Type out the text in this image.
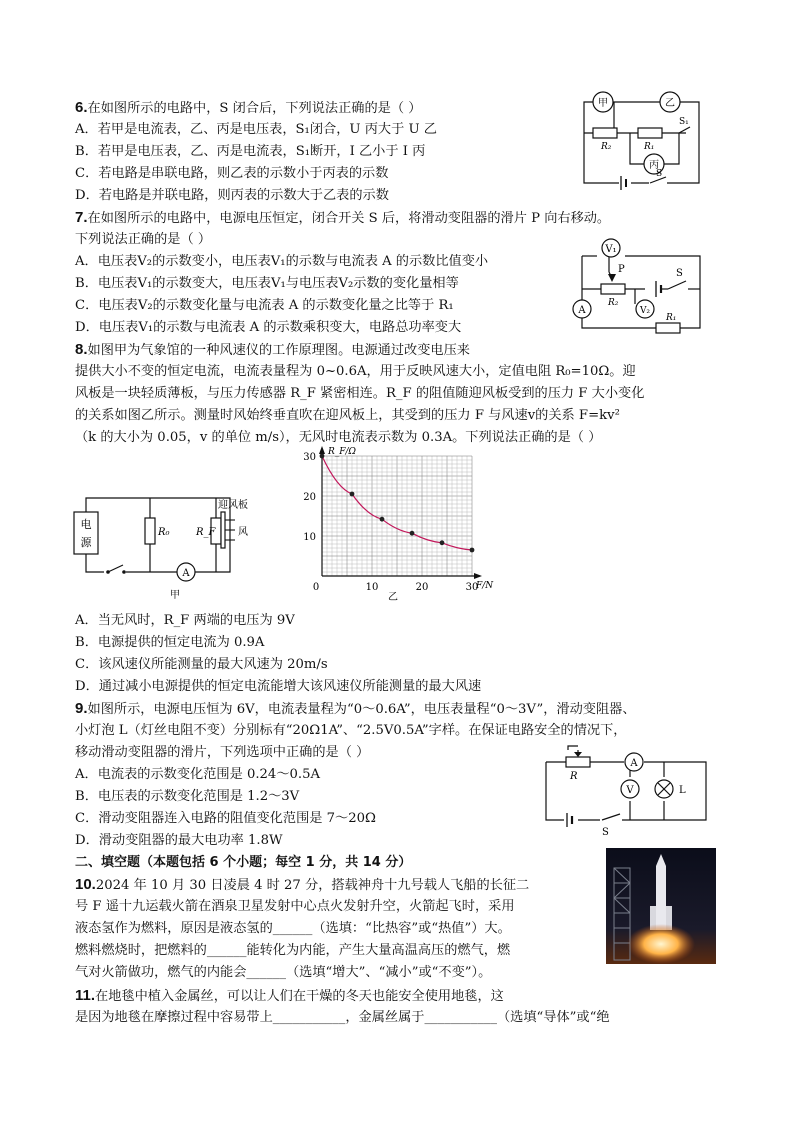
6.在如图所示的电路中，S 闭合后，下列说法正确的是（ ）
A．若甲是电流表，乙、丙是电压表，S₁闭合，U 丙大于 U 乙
B．若甲是电压表，乙、丙是电流表，S₁断开，I 乙小于 I 丙
C．若电路是串联电路，则乙表的示数小于丙表的示数
D．若电路是并联电路，则丙表的示数大于乙表的示数
甲	乙
丙
R₂	R₁
S₁
S
7.在如图所示的电路中，电源电压恒定，闭合开关 S 后，将滑动变阻器的滑片 P 向右移动。
下列说法正确的是（ ）
A．电压表V₂的示数变小，电压表V₁的示数与电流表 A 的示数比值变小
B．电压表V₁的示数变大，电压表V₁与电压表V₂示数的变化量相等
C．电压表V₂的示数变化量与电流表 A 的示数变化量之比等于 R₁
D．电压表V₁的示数与电流表 A 的示数乘积变大，电路总功率变大
V₁
A	V₂
P	S
R₂
R₁
8.如图甲为气象馆的一种风速仪的工作原理图。电源通过改变电压来
提供大小不变的恒定电流，电流表量程为 0~0.6A，用于反映风速大小，定值电阻 R₀=10Ω。迎
风板是一块轻质薄板，与压力传感器 R_F 紧密相连。R_F 的阻值随迎风板受到的压力 F 大小变化
的关系如图乙所示。测量时风始终垂直吹在迎风板上，其受到的压力 F 与风速v的关系 F=kv²
（k 的大小为 0.05，v 的单位 m/s），无风时电流表示数为 0.3A。下列说法正确的是（ ）
电
源
R₀	R_F
迎风板
风
A
甲
0	10	20	30
10
20
30 R_F/Ω
F/N
乙
A．当无风时，R_F 两端的电压为 9V
B．电源提供的恒定电流为 0.9A
C．该风速仪所能测量的最大风速为 20m/s
D．通过减小电源提供的恒定电流能增大该风速仪所能测量的最大风速
9.如图所示，电源电压恒为 6V，电流表量程为“0～0.6A”，电压表量程“0～3V”，滑动变阻器、
小灯泡 L（灯丝电阻不变）分别标有“20Ω1A”、“2.5V0.5A”字样。在保证电路安全的情况下，
移动滑动变阻器的滑片，下列选项中正确的是（ ）
A．电流表的示数变化范围是 0.24～0.5A
B．电压表的示数变化范围是 1.2～3V
C．滑动变阻器连入电路的阻值变化范围是 7～20Ω
D．滑动变阻器的最大电功率 1.8W
R
A
V	L
S
二、填空题（本题包括 6 个小题；每空 1 分，共 14 分）
10.2024 年 10 月 30 日凌晨 4 时 27 分，搭载神舟十九号载人飞船的长征二
号 F 遥十九运载火箭在酒泉卫星发射中心点火发射升空，火箭起飞时，采用
液态氢作为燃料，原因是液态氢的______（选填：“比热容”或“热值”）大。
燃料燃烧时，把燃料的______能转化为内能，产生大量高温高压的燃气，燃
气对火箭做功，燃气的内能会______（选填“增大”、“减小”或“不变”）。
11.在地毯中植入金属丝，可以让人们在干燥的冬天也能安全使用地毯，这
是因为地毯在摩擦过程中容易带上___________，金属丝属于___________（选填“导体”或“绝
